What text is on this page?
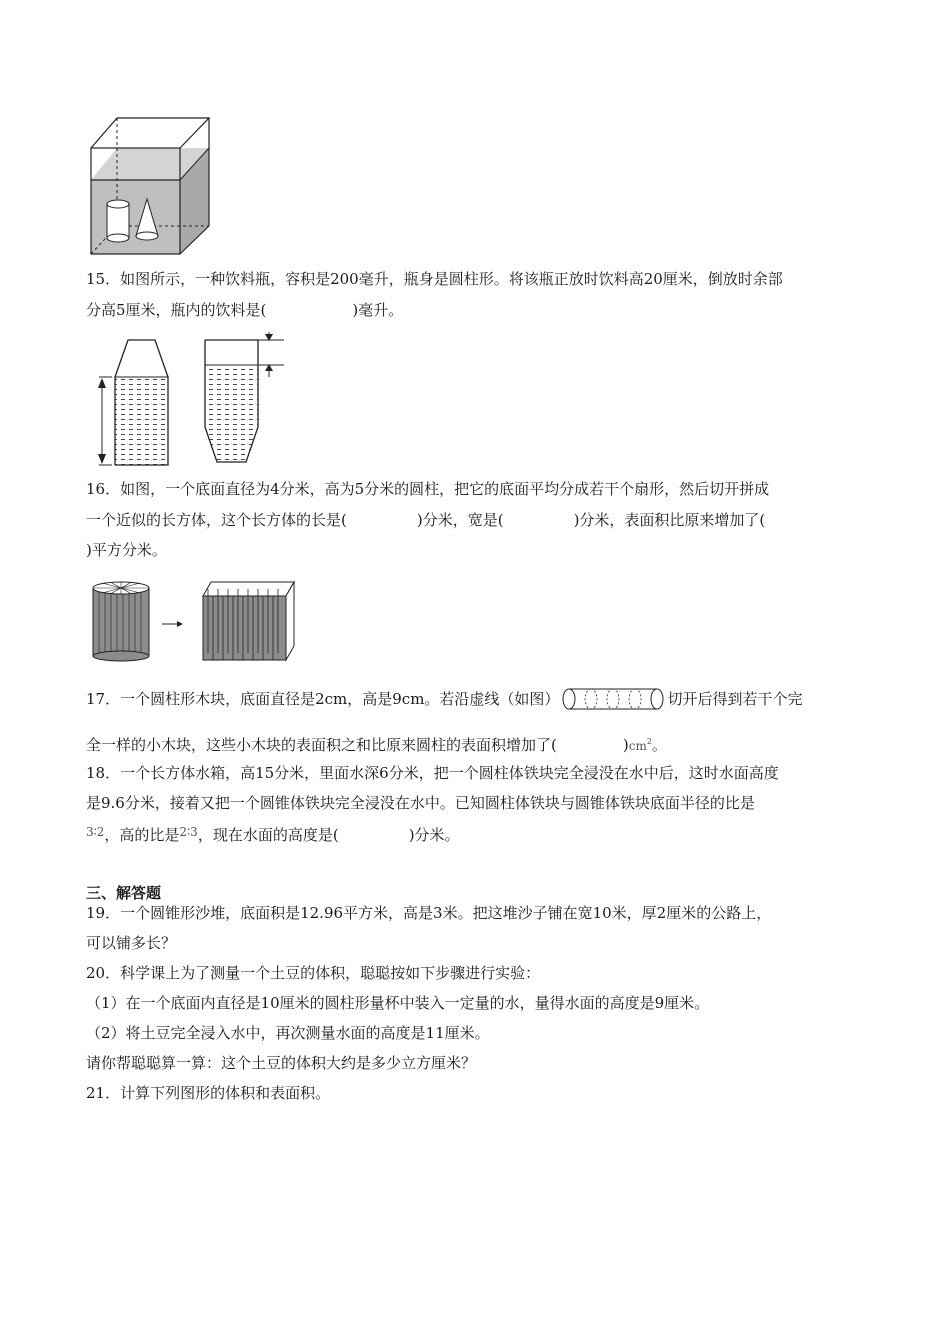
15．如图所示，一种饮料瓶，容积是200毫升，瓶身是圆柱形。将该瓶正放时饮料高20厘米，倒放时余部
分高5厘米，瓶内的饮料是(	)毫升。
16．如图，一个底面直径为4分米，高为5分米的圆柱，把它的底面平均分成若干个扇形，然后切开拼成
一个近似的长方体，这个长方体的长是(	)分米，宽是(	)分米，表面积比原来增加了(
)平方分米。
17．一个圆柱形木块，底面直径是2cm，高是9cm。若沿虚线（如图）	切开后得到若干个完
全一样的小木块，这些小木块的表面积之和比原来圆柱的表面积增加了(	)$cm^2$。
18．一个长方体水箱，高15分米，里面水深6分米，把一个圆柱体铁块完全浸没在水中后，这时水面高度
是9.6分米，接着又把一个圆锥体铁块完全浸没在水中。已知圆柱体铁块与圆锥体铁块底面半径的比是
$^{3∶2}$，高的比是$^{2∶3}$，现在水面的高度是(	)分米。
三、解答题
19．一个圆锥形沙堆，底面积是12.96平方米，高是3米。把这堆沙子铺在宽10米，厚2厘米的公路上，
可以铺多长？
20．科学课上为了测量一个土豆的体积，聪聪按如下步骤进行实验：
（1）在一个底面内直径是10厘米的圆柱形量杯中装入一定量的水，量得水面的高度是9厘米。
（2）将土豆完全浸入水中，再次测量水面的高度是11厘米。
请你帮聪聪算一算：这个土豆的体积大约是多少立方厘米？
21．计算下列图形的体积和表面积。
